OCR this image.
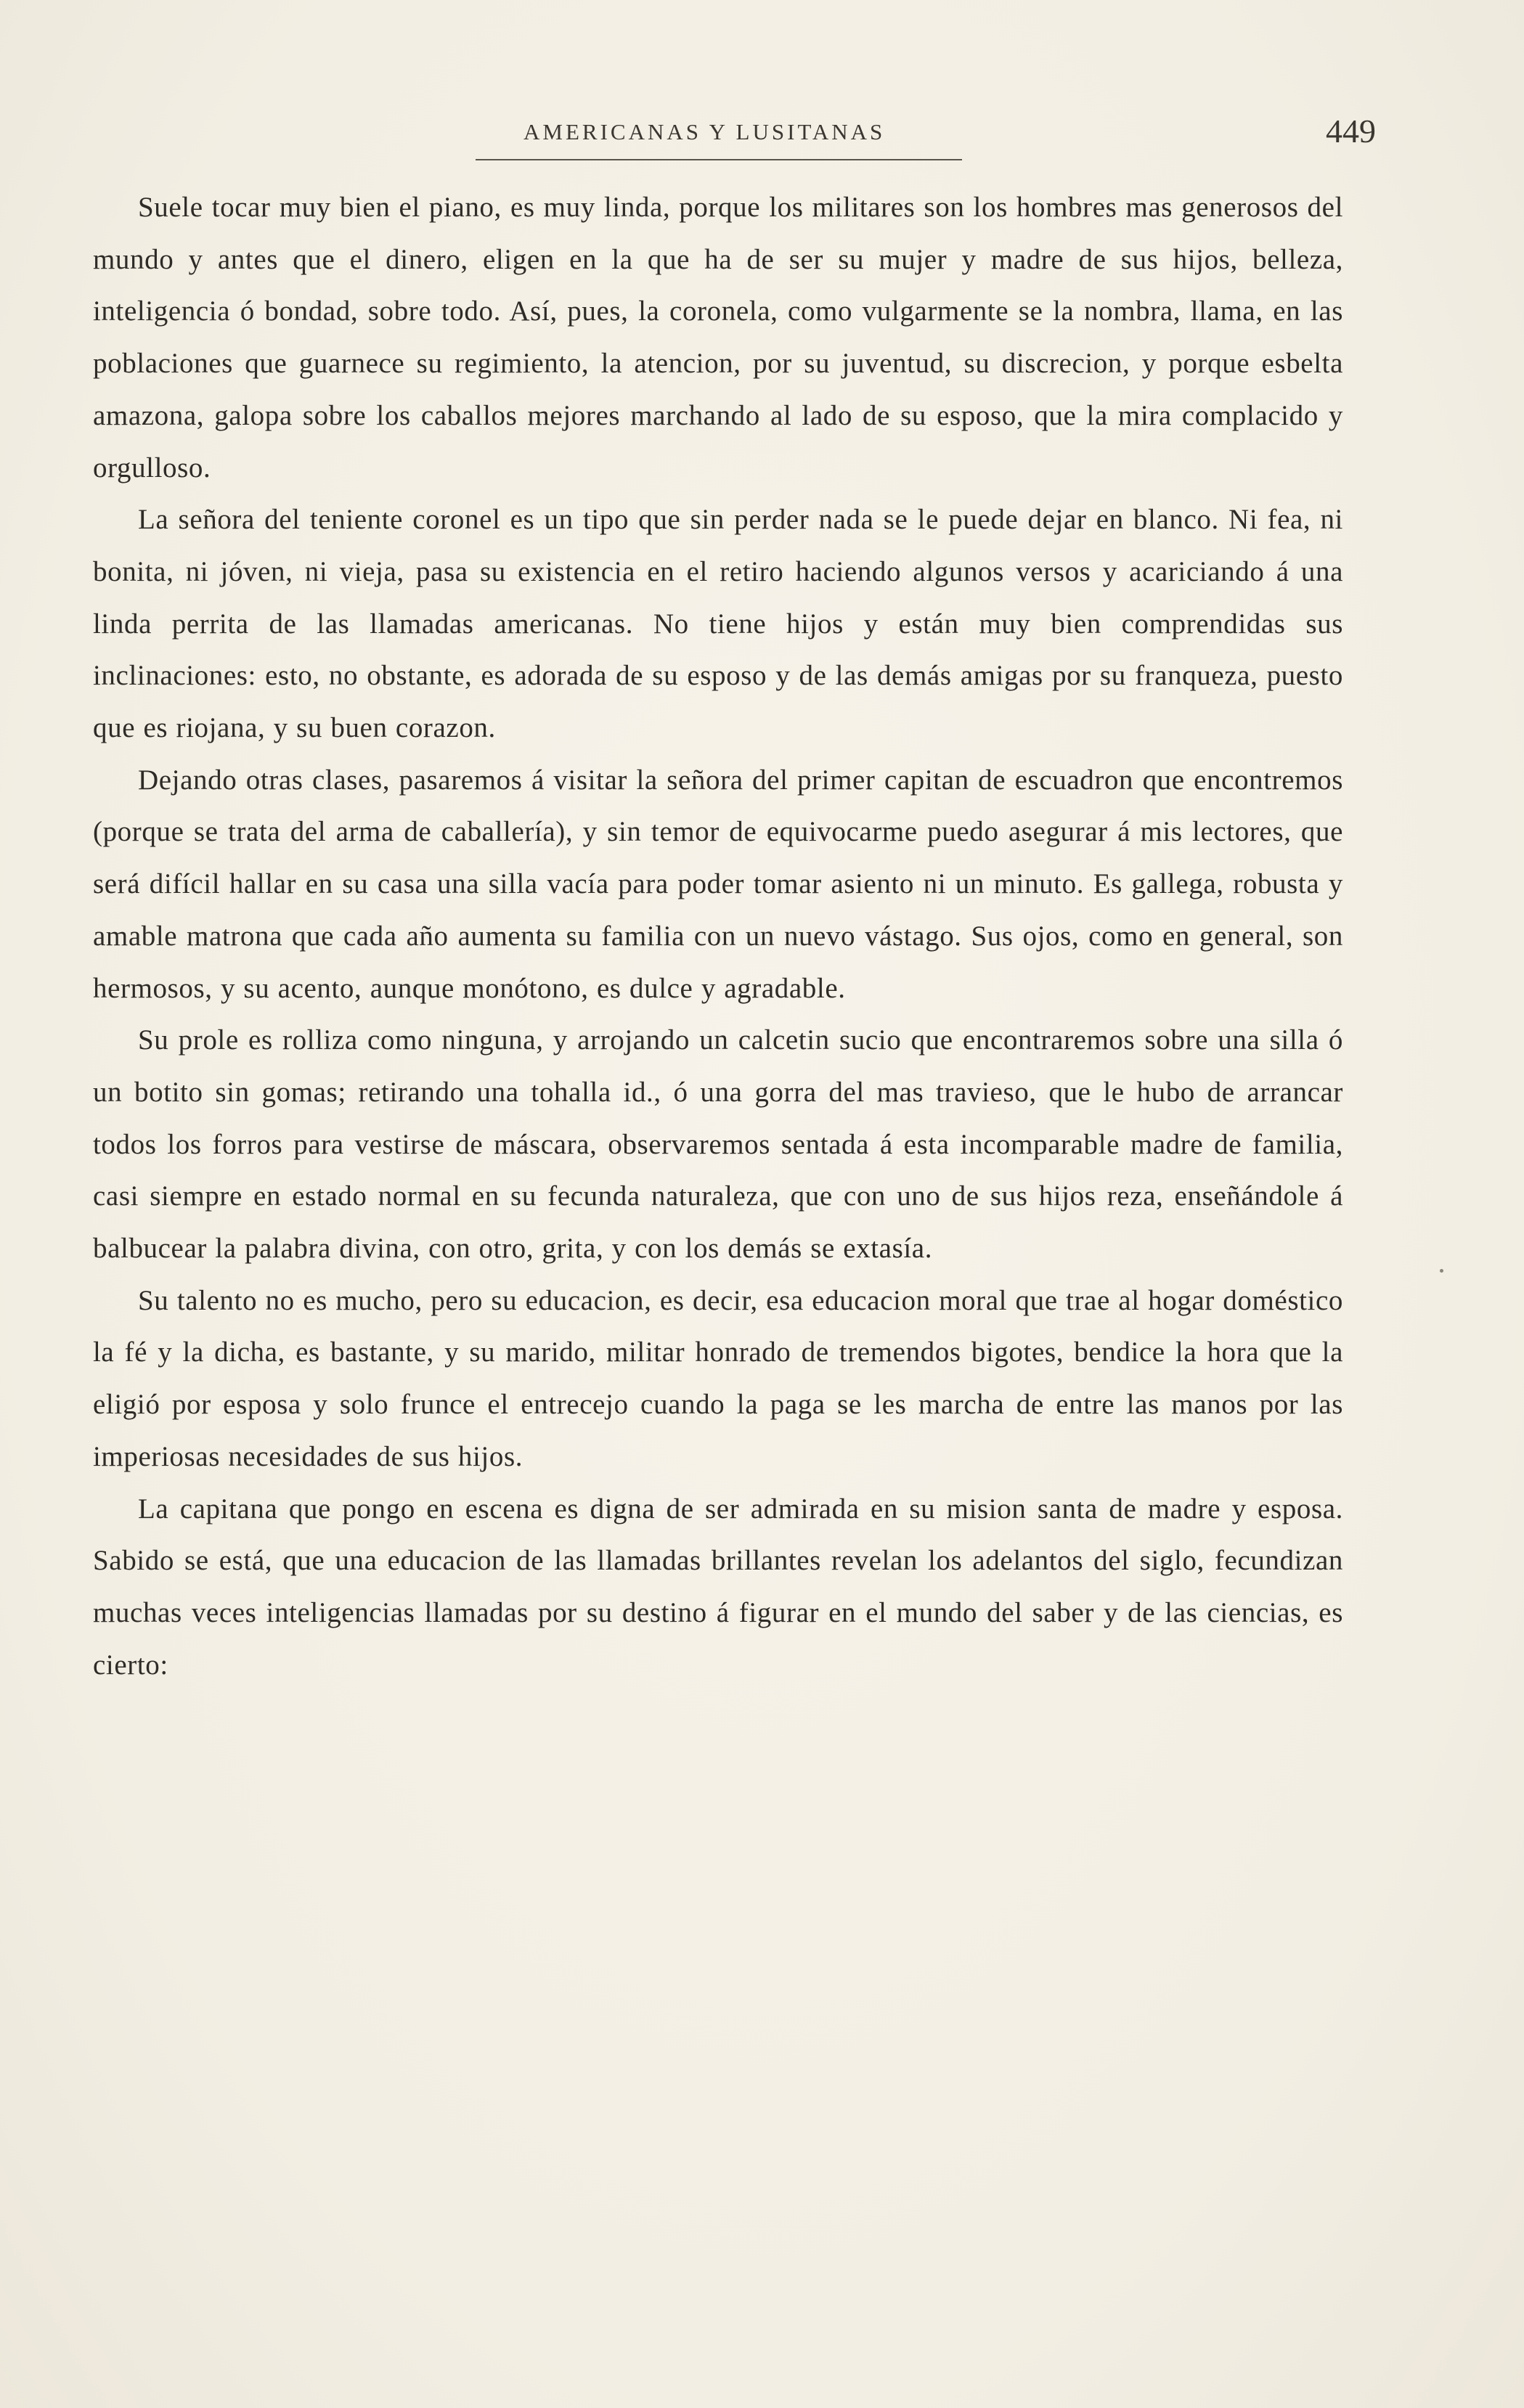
AMERICANAS Y LUSITANAS	449

Suele tocar muy bien el piano, es muy linda, porque los militares son los hombres mas generosos del mundo y antes que el dinero, eligen en la que ha de ser su mujer y madre de sus hijos, belleza, inteligencia ó bondad, sobre todo. Así, pues, la coronela, como vulgarmente se la nombra, llama, en las poblaciones que guarnece su regimiento, la atencion, por su juventud, su discrecion, y porque esbelta amazona, galopa sobre los caballos mejores marchando al lado de su esposo, que la mira complacido y orgulloso.

La señora del teniente coronel es un tipo que sin perder nada se le puede dejar en blanco. Ni fea, ni bonita, ni jóven, ni vieja, pasa su existencia en el retiro haciendo algunos versos y acariciando á una linda perrita de las llamadas americanas. No tiene hijos y están muy bien comprendidas sus inclinaciones: esto, no obstante, es adorada de su esposo y de las demás amigas por su franqueza, puesto que es riojana, y su buen corazon.

Dejando otras clases, pasaremos á visitar la señora del primer capitan de escuadron que encontremos (porque se trata del arma de caballería), y sin temor de equivocarme puedo asegurar á mis lectores, que será difícil hallar en su casa una silla vacía para poder tomar asiento ni un minuto. Es gallega, robusta y amable matrona que cada año aumenta su familia con un nuevo vástago. Sus ojos, como en general, son hermosos, y su acento, aunque monótono, es dulce y agradable.

Su prole es rolliza como ninguna, y arrojando un calcetin sucio que encontraremos sobre una silla ó un botito sin gomas; retirando una tohalla id., ó una gorra del mas travieso, que le hubo de arrancar todos los forros para vestirse de máscara, observaremos sentada á esta incomparable madre de familia, casi siempre en estado normal en su fecunda naturaleza, que con uno de sus hijos reza, enseñándole á balbucear la palabra divina, con otro, grita, y con los demás se extasía.

Su talento no es mucho, pero su educacion, es decir, esa educacion moral que trae al hogar doméstico la fé y la dicha, es bastante, y su marido, militar honrado de tremendos bigotes, bendice la hora que la eligió por esposa y solo frunce el entrecejo cuando la paga se les marcha de entre las manos por las imperiosas necesidades de sus hijos.

La capitana que pongo en escena es digna de ser admirada en su mision santa de madre y esposa. Sabido se está, que una educacion de las llamadas brillantes revelan los adelantos del siglo, fecundizan muchas veces inteligencias llamadas por su destino á figurar en el mundo del saber y de las ciencias, es cierto:
